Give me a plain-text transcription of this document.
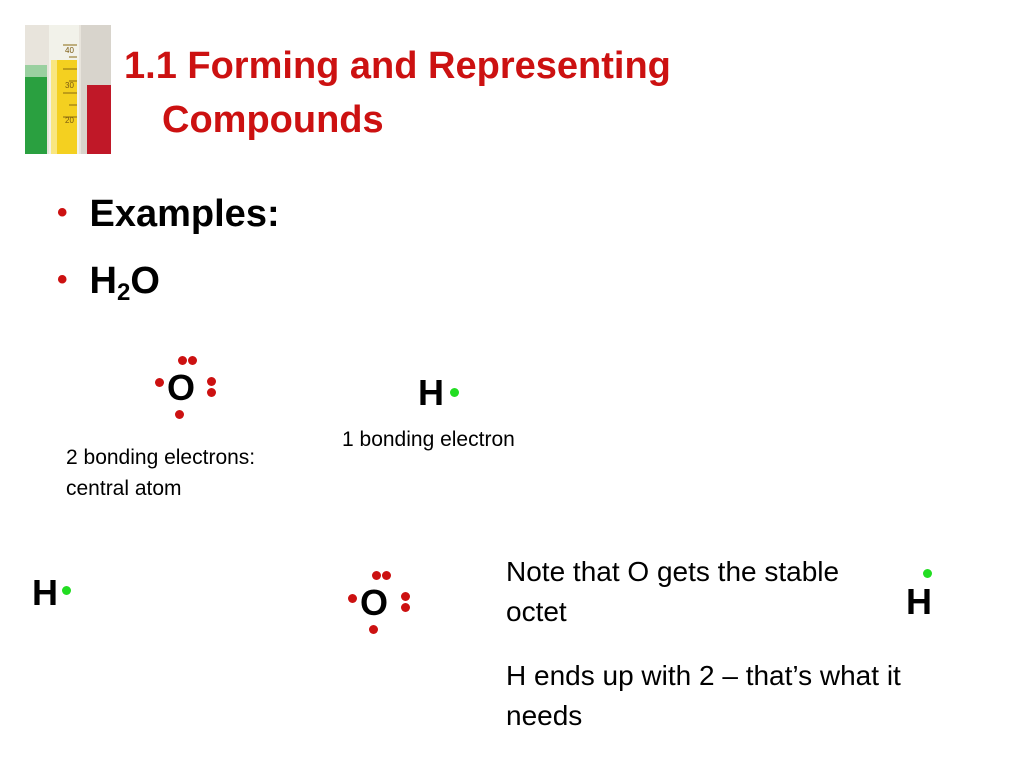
40
30
20
1.1 Forming and Representing
Compounds
• Examples:
• $H_2O$
O
2 bonding electrons:
central atom
H
1 bonding electron
H	O
Note that O gets the stable
octet
H ends up with 2 – that’s what it
needs
H
